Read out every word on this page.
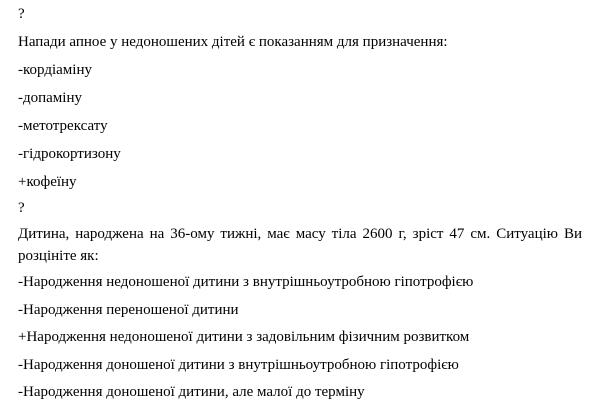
?
Напади апное у недоношених дітей є показанням для призначення:
-кордіаміну
-допаміну
-метотрексату
-гідрокортизону
+кофеїну
?
Дитина, народжена на 36-ому тижні, має масу тіла 2600 г, зріст 47 см. Ситуацію Ви
розцініте як:
-Народження недоношеної дитини з внутрішньоутробною гіпотрофією
-Народження переношеної дитини
+Народження недоношеної дитини з задовільним фізичним розвитком
-Народження доношеної дитини з внутрішньоутробною гіпотрофією
-Народження доношеної дитини, але малої до терміну
